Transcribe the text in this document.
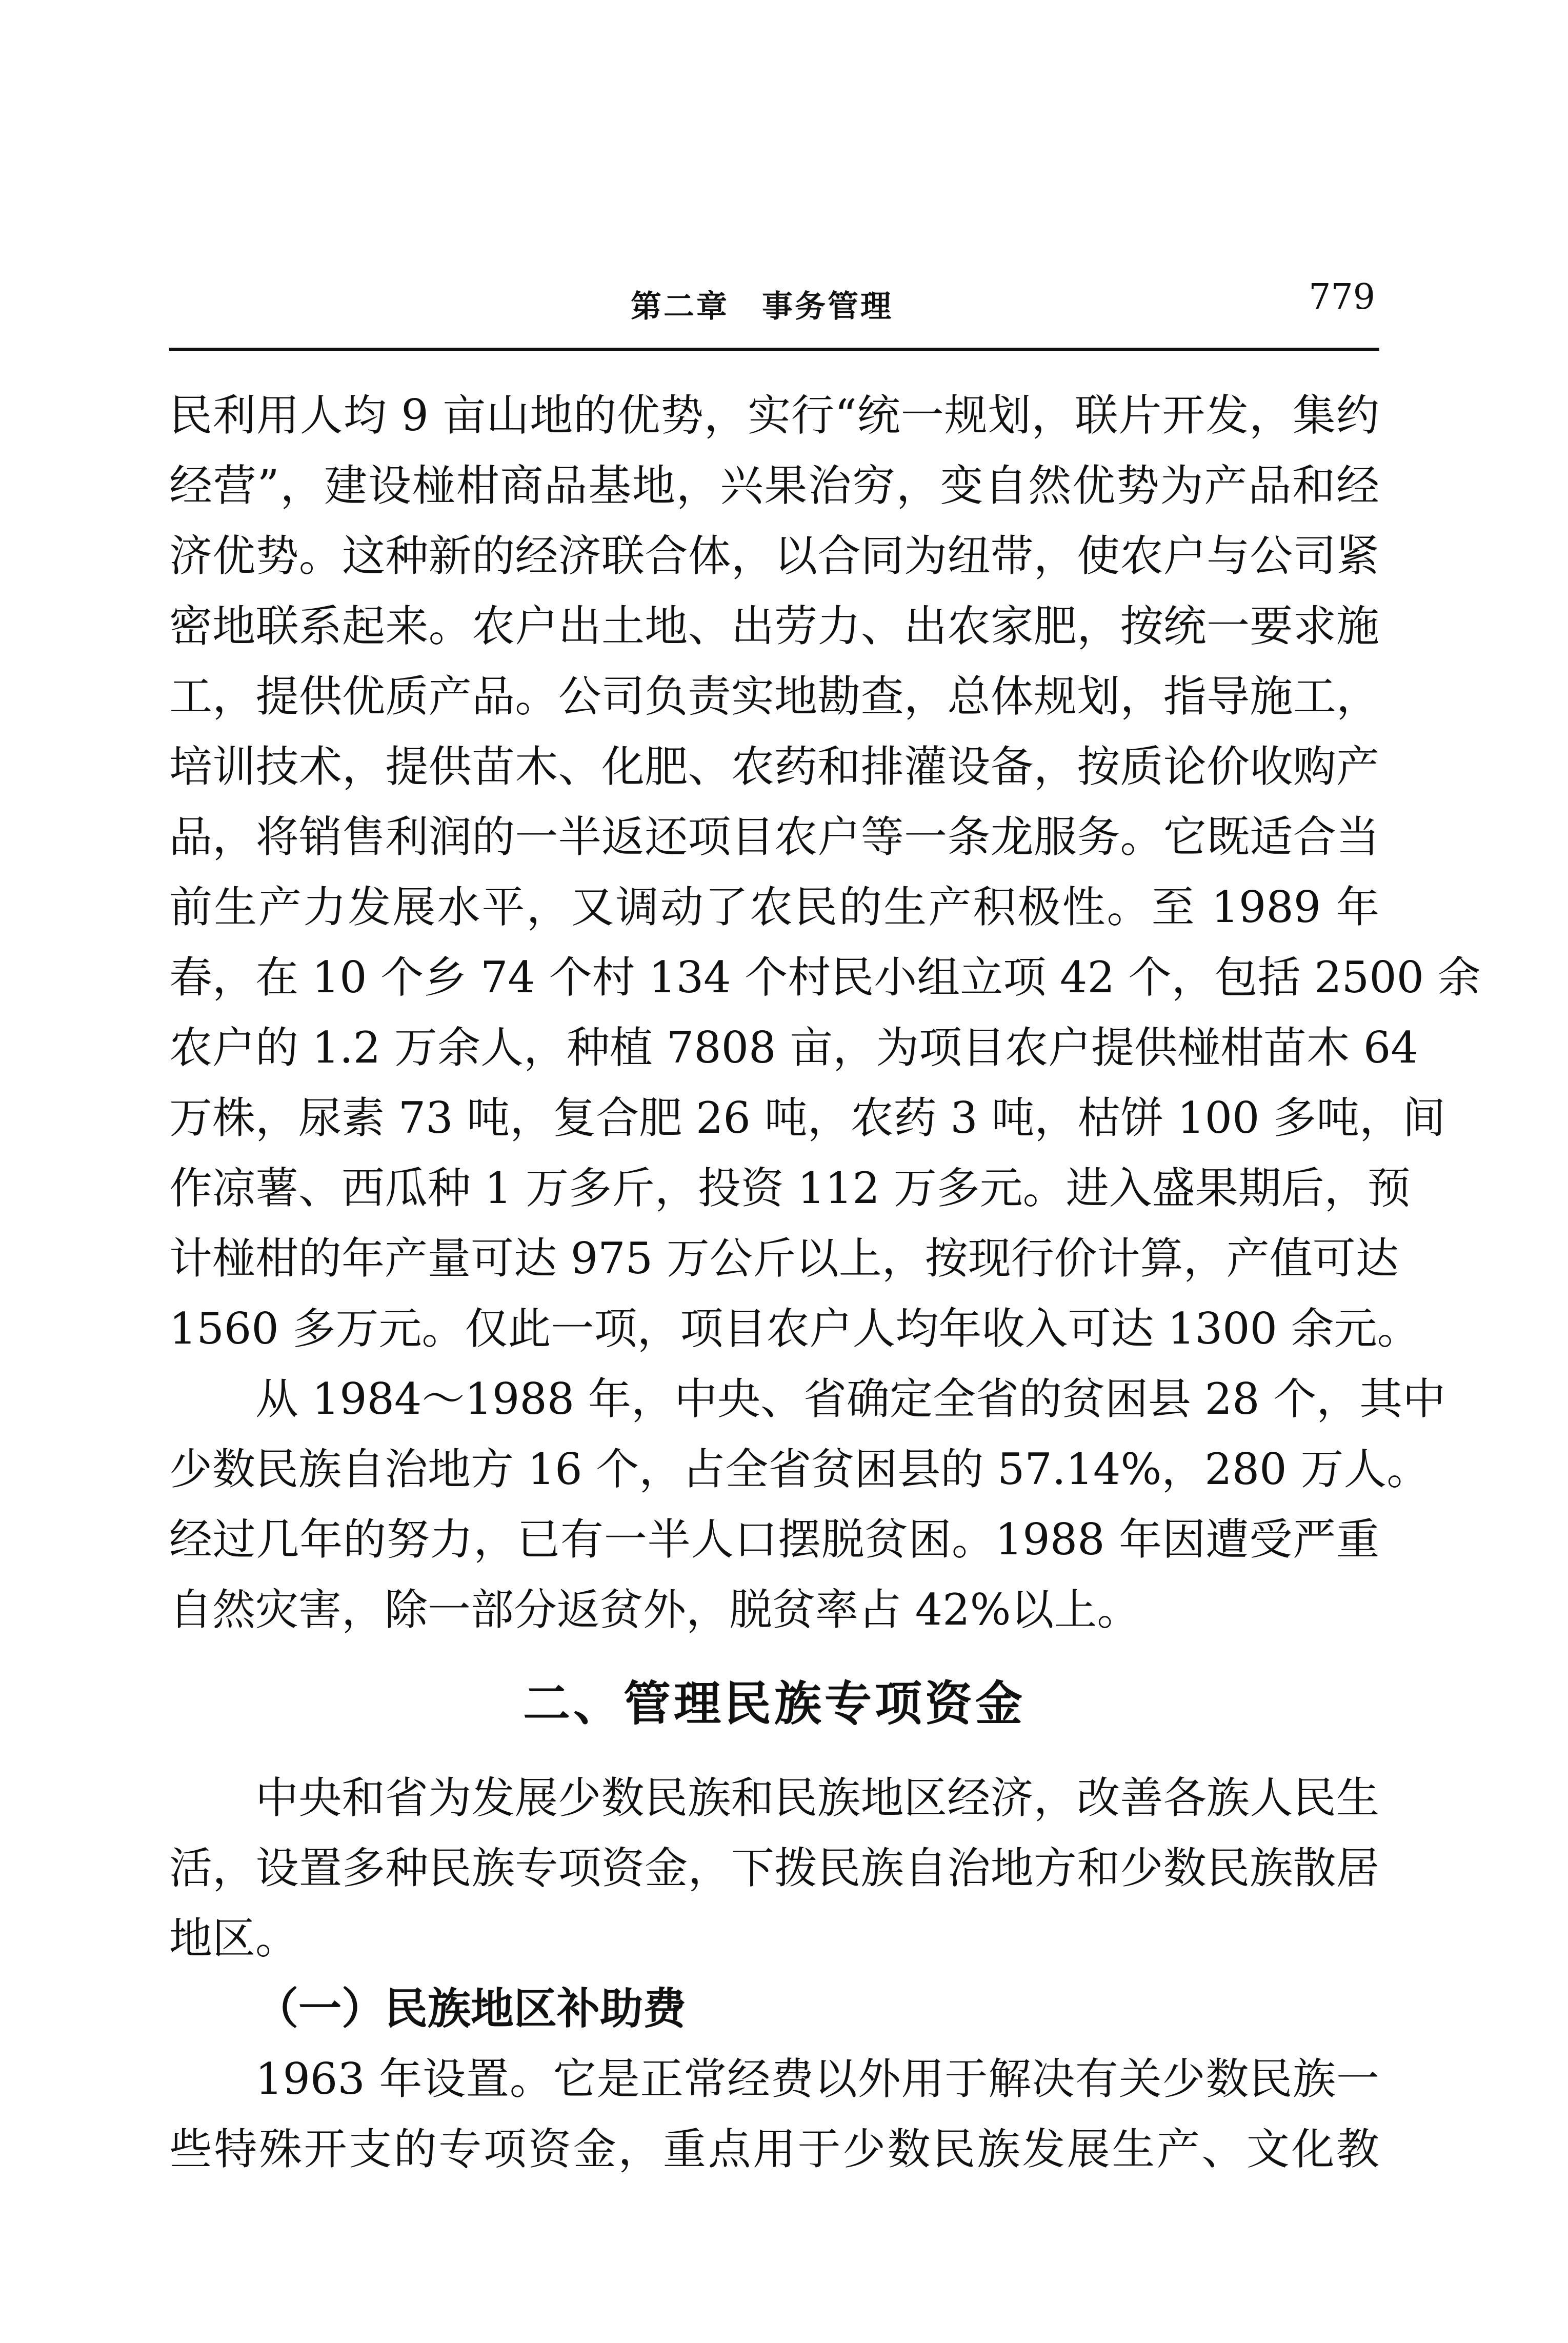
第二章　事务管理	779
民利用人均 9 亩山地的优势，实行“统一规划，联片开发，集约
经营”，建设椪柑商品基地，兴果治穷，变自然优势为产品和经
济优势。这种新的经济联合体，以合同为纽带，使农户与公司紧
密地联系起来。农户出土地、出劳力、出农家肥，按统一要求施
工，提供优质产品。公司负责实地勘查，总体规划，指导施工，
培训技术，提供苗木、化肥、农药和排灌设备，按质论价收购产
品，将销售利润的一半返还项目农户等一条龙服务。它既适合当
前生产力发展水平，又调动了农民的生产积极性。至 1989 年
春，在 10 个乡 74 个村 134 个村民小组立项 42 个，包括 2500 余
农户的 1.2 万余人，种植 7808 亩，为项目农户提供椪柑苗木 64
万株，尿素 73 吨，复合肥 26 吨，农药 3 吨，枯饼 100 多吨，间
作凉薯、西瓜种 1 万多斤，投资 112 万多元。进入盛果期后，预
计椪柑的年产量可达 975 万公斤以上，按现行价计算，产值可达
1560 多万元。仅此一项，项目农户人均年收入可达 1300 余元。
从 1984～1988 年，中央、省确定全省的贫困县 28 个，其中
少数民族自治地方 16 个，占全省贫困县的 57.14%，280 万人。
经过几年的努力，已有一半人口摆脱贫困。1988 年因遭受严重
自然灾害，除一部分返贫外，脱贫率占 42%以上。
二、管理民族专项资金
中央和省为发展少数民族和民族地区经济，改善各族人民生
活，设置多种民族专项资金，下拨民族自治地方和少数民族散居
地区。
（一）民族地区补助费
1963 年设置。它是正常经费以外用于解决有关少数民族一
些特殊开支的专项资金，重点用于少数民族发展生产、文化教
